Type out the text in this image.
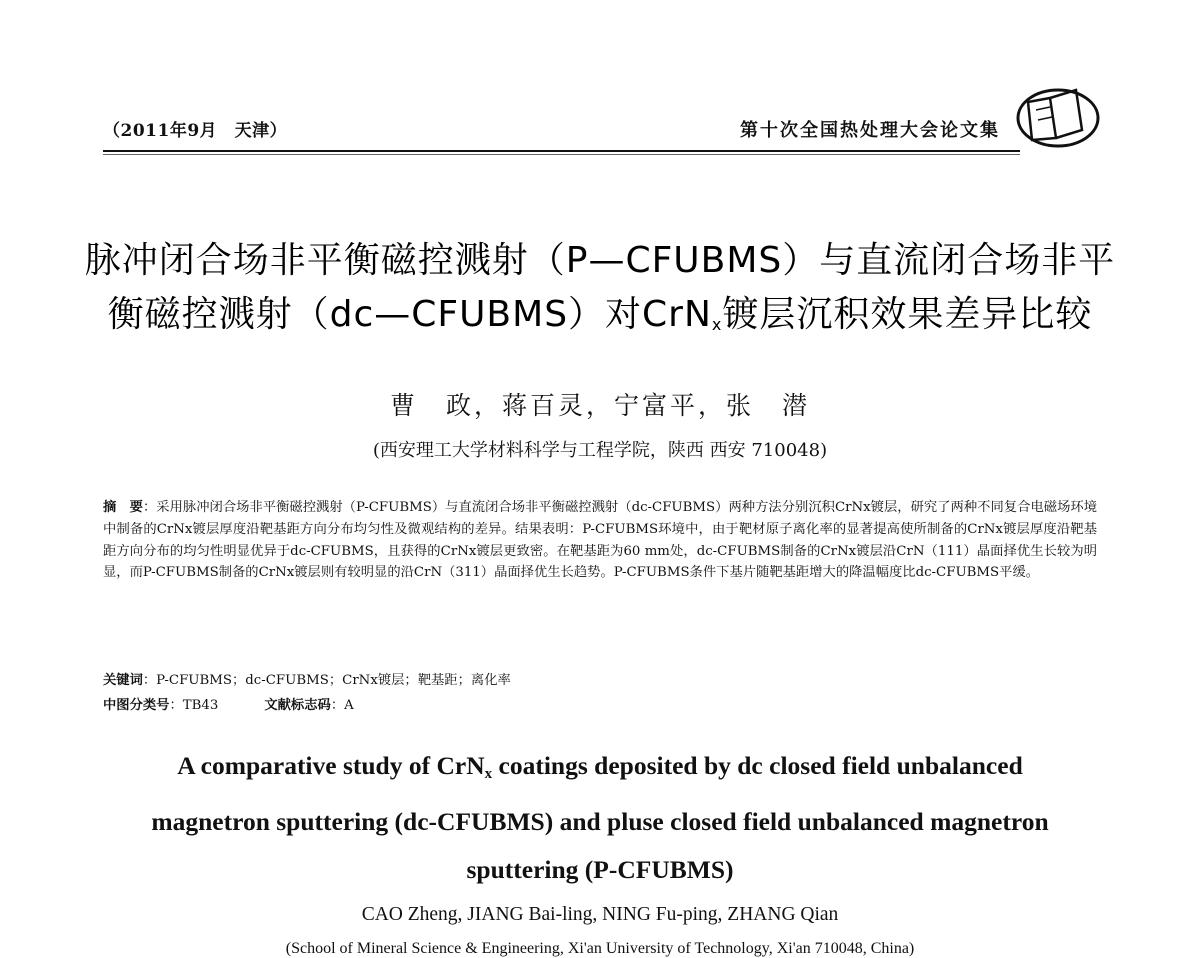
（2011年9月　天津）	第十次全国热处理大会论文集
脉冲闭合场非平衡磁控溅射（P—CFUBMS）与直流闭合场非平
衡磁控溅射（dc—CFUBMS）对CrN$_x$镀层沉积效果差异比较
曹　政，蒋百灵，宁富平，张　潜
(西安理工大学材料科学与工程学院，陕西 西安 710048)
摘　要：采用脉冲闭合场非平衡磁控溅射（P-CFUBMS）与直流闭合场非平衡磁控溅射（dc-CFUBMS）两种方法分别沉积CrNx镀层，研究了两种不同复合电磁场环境中制备的CrNx镀层厚度沿靶基距方向分布均匀性及微观结构的差异。结果表明：P-CFUBMS环境中，由于靶材原子离化率的显著提高使所制备的CrNx镀层厚度沿靶基距方向分布的均匀性明显优异于dc-CFUBMS，且获得的CrNx镀层更致密。在靶基距为60 mm处，dc-CFUBMS制备的CrNx镀层沿CrN（111）晶面择优生长较为明显，而P-CFUBMS制备的CrNx镀层则有较明显的沿CrN（311）晶面择优生长趋势。P-CFUBMS条件下基片随靶基距增大的降温幅度比dc-CFUBMS平缓。
关键词：P-CFUBMS；dc-CFUBMS；CrNx镀层；靶基距；离化率
中图分类号：TB43	文献标志码：A
A comparative study of CrN$_x$ coatings deposited by dc closed field unbalanced
magnetron sputtering (dc-CFUBMS) and pluse closed field unbalanced magnetron
sputtering (P-CFUBMS)
CAO Zheng, JIANG Bai-ling, NING Fu-ping, ZHANG Qian
(School of Mineral Science & Engineering, Xi'an University of Technology, Xi'an 710048, China)
